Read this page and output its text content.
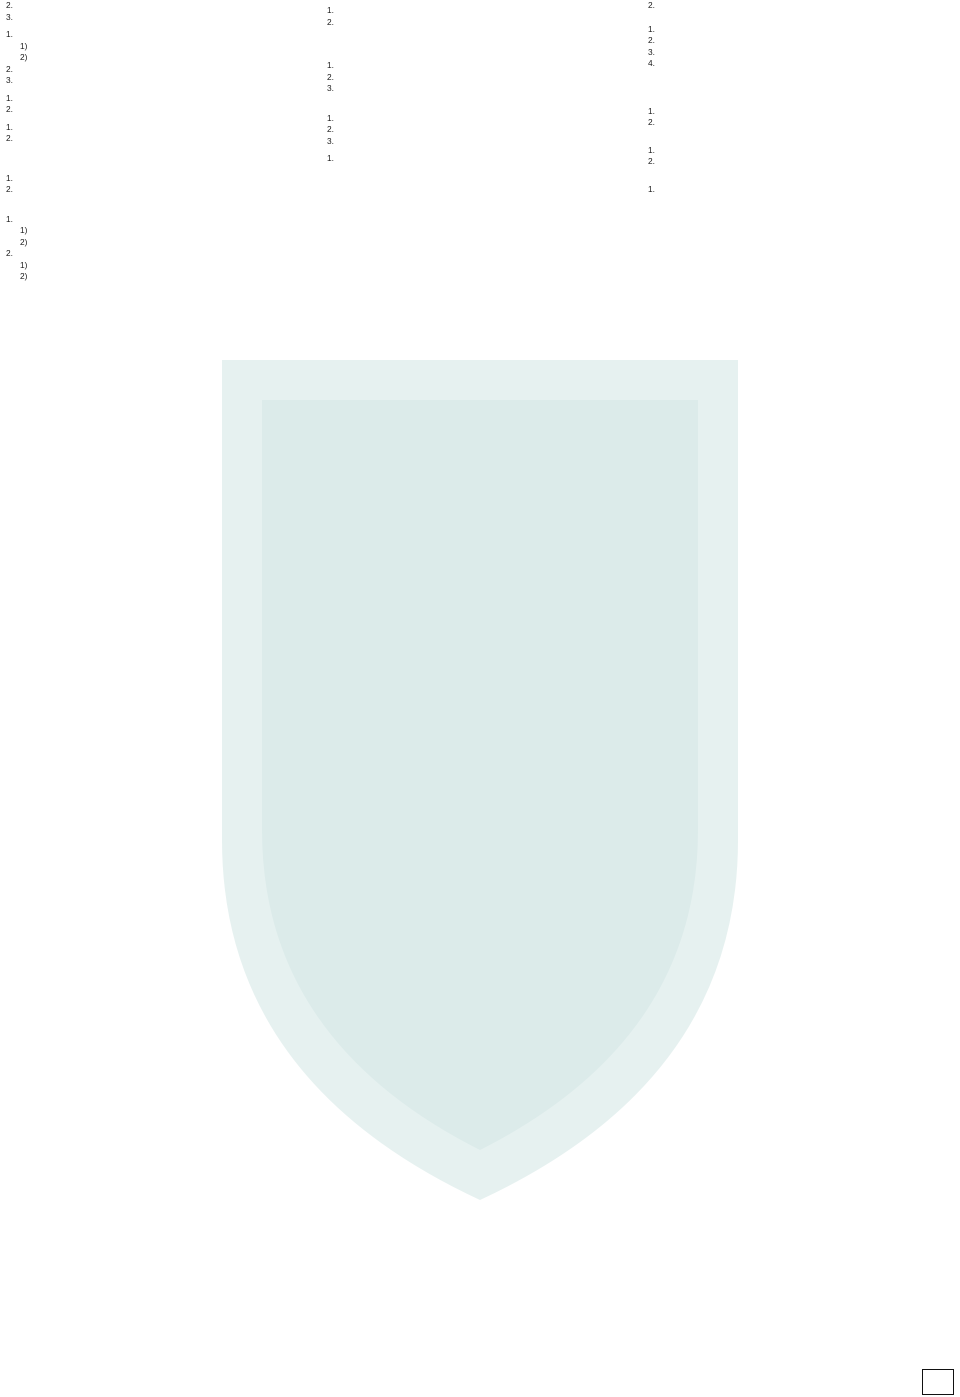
2.

3.

1.

1)

2)

2.

3.

1.

2.

1.

2.

1.

2.

1.

1)

2)

2.

1)

2)

1.

2.

1.

2.

3.

1.

2.

3.

1.

2.

1.

2.

3.

4.

1.

2.

1.

2.

1.
